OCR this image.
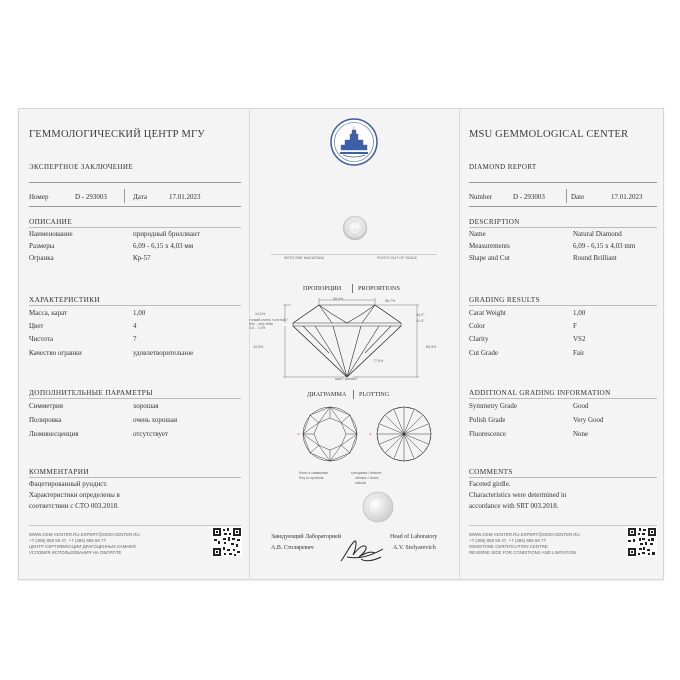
ГЕММОЛОГИЧЕСКИЙ ЦЕНТР МГУ
ЭКСПЕРТНОЕ ЗАКЛЮЧЕНИЕ
Номер	D - 293003	Дата	17.01.2023
ОПИСАНИЕ
Наименование	природный бриллиант
Размеры	6,09 - 6,15 x 4,03 мм
Огранка	Кр-57
ХАРАКТЕРИСТИКИ
Масса, карат	1,00
Цвет	4
Чистота	7
Качество огранки	удовлетворительное
ДОПОЛНИТЕЛЬНЫЕ ПАРАМЕТРЫ
Симметрия	хорошая
Полировка	очень хорошая
Люминесценция	отсутствует
КОММЕНТАРИИ
Фацетированный рундист.
Характеристики определены в
соответствии с СТО 003.2018.
WWW.GEM-CENTER.RU EXPERT@GEM-CENTER.RU
+7 (495) 958 59 47, +7 (495) 955 69 77
ЦЕНТР СЕРТИФИКАЦИИ ДРАГОЦЕННЫХ КАМНЕЙ
УСЛОВИЯ ИСПОЛЬЗОВАНИЯ НА ОБОРОТЕ
ФОТО ВНЕ МАСШТАБА	PHOTO OUT OF SCALE
ПРОПОРЦИИ	PROPORTIONS
58,0%	56,7%
14,5%	34,0°
41,0°
тонкий-очень толстый /
thin - very thick
3,5 - 7,4%
43,5%	65,9%
77,0%
шип / pointed
ДИАГРАММА PLOTTING
×	×
Ключ к символам
Key to symbols
трещинка / feather;
облако / cloud;
natural
Заведующий Лабораторией
А.В. Столяревич
Head of Laboratory
A.V. Stolyarevich
MSU GEMMOLOGICAL CENTER
DIAMOND REPORT
Number	D - 293003	Date	17.01.2023
DESCRIPTION
Name	Natural Diamond
Measurements	6,09 - 6,15 x 4,03 mm
Shape and Cut	Round Brilliant
GRADING RESULTS
Carat Weight	1,00
Color	F
Clarity	VS2
Cut Grade	Fair
ADDITIONAL GRADING INFORMATION
Symmetry Grade	Good
Polish Grade	Very Good
Fluorescence	None
COMMENTS
Faceted girdle.
Characteristics were determined in
accordance with SRT 003.2018.
WWW.GEM-CENTER.RU EXPERT@GEM-CENTER.RU
+7 (495) 958 59 47, +7 (495) 955 69 77
GEMSTONE CERTIFICATION CENTRE
REVERSE SIDE FOR CONDITIONS AND LIMITATION
